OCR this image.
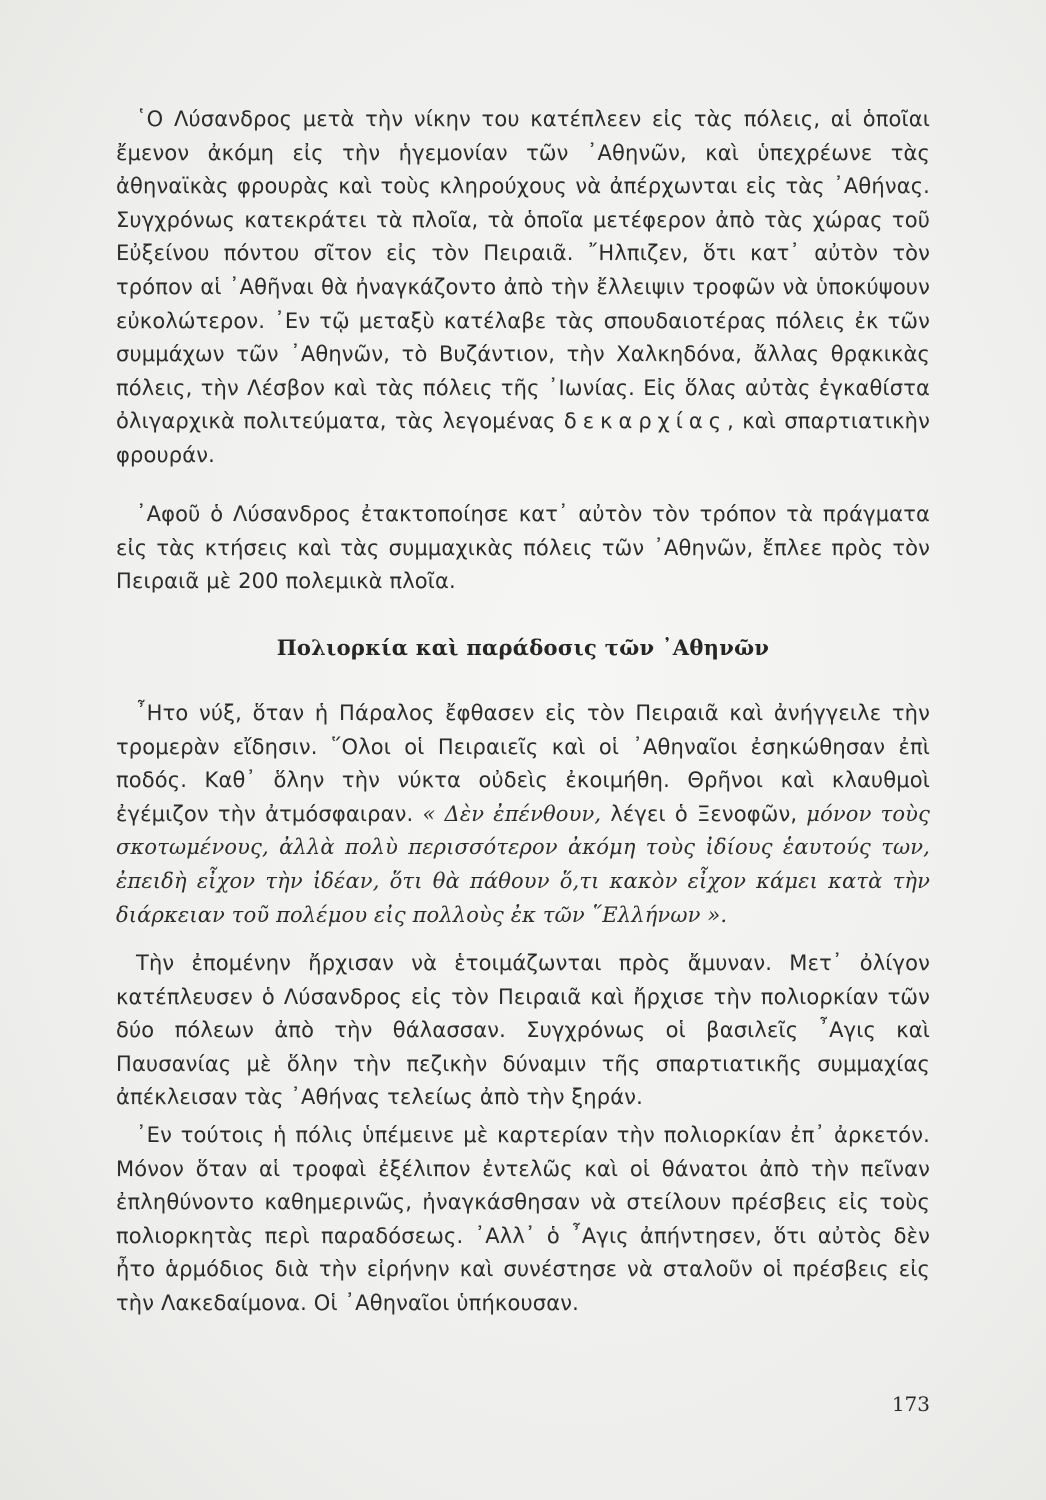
῾Ο Λύσανδρος μετὰ τὴν νίκην του κατέπλεεν εἰς τὰς πόλεις, αἱ ὁποῖαι ἔμενον ἀκόμη εἰς τὴν ἡγεμονίαν τῶν ᾿Αθηνῶν, καὶ ὑπεχρέωνε τὰς ἀθηναϊκὰς φρουρὰς καὶ τοὺς κληρούχους νὰ ἀπέρχωνται εἰς τὰς ᾿Αθήνας. Συγχρόνως κατεκράτει τὰ πλοῖα, τὰ ὁποῖα μετέφερον ἀπὸ τὰς χώρας τοῦ Εὐξείνου πόντου σῖτον εἰς τὸν Πειραιᾶ. ῎Ηλπιζεν, ὅτι κατ᾿ αὐτὸν τὸν τρόπον αἱ ᾿Αθῆναι θὰ ἠναγκάζοντο ἀπὸ τὴν ἔλλειψιν τροφῶν νὰ ὑποκύψουν εὐκολώτερον. ᾿Εν τῷ μεταξὺ κατέλαβε τὰς σπουδαιοτέρας πόλεις ἐκ τῶν συμμάχων τῶν ᾿Αθηνῶν, τὸ Βυζάντιον, τὴν Χαλκηδόνα, ἄλλας θρᾳκικὰς πόλεις, τὴν Λέσβον καὶ τὰς πόλεις τῆς ᾿Ιωνίας. Εἰς ὅλας αὐτὰς ἐγκαθίστα ὀλιγαρχικὰ πολιτεύματα, τὰς λεγομένας δεκαρχίας, καὶ σπαρτιατικὴν φρουράν.

᾿Αφοῦ ὁ Λύσανδρος ἐτακτοποίησε κατ᾿ αὐτὸν τὸν τρόπον τὰ πράγματα εἰς τὰς κτήσεις καὶ τὰς συμμαχικὰς πόλεις τῶν ᾿Αθηνῶν, ἔπλεε πρὸς τὸν Πειραιᾶ μὲ 200 πολεμικὰ πλοῖα.

Πολιορκία καὶ παράδοσις τῶν ᾿Αθηνῶν

῏Ητο νύξ, ὅταν ἡ Πάραλος ἔφθασεν εἰς τὸν Πειραιᾶ καὶ ἀνήγγειλε τὴν τρομερὰν εἴδησιν. ῞Ολοι οἱ Πειραιεῖς καὶ οἱ ᾿Αθηναῖοι ἐσηκώθησαν ἐπὶ ποδός. Καθ᾿ ὅλην τὴν νύκτα οὐδεὶς ἐκοιμήθη. Θρῆνοι καὶ κλαυθμοὶ ἐγέμιζον τὴν ἀτμόσφαιραν. « Δὲν ἐπένθουν, λέγει ὁ Ξενοφῶν, μόνον τοὺς σκοτωμένους, ἀλλὰ πολὺ περισσότερον ἀκόμη τοὺς ἰδίους ἑαυτούς των, ἐπειδὴ εἶχον τὴν ἰδέαν, ὅτι θὰ πάθουν ὅ,τι κακὸν εἶχον κάμει κατὰ τὴν διάρκειαν τοῦ πολέμου εἰς πολλοὺς ἐκ τῶν ῞Ελλήνων ».

Τὴν ἐπομένην ἤρχισαν νὰ ἑτοιμάζωνται πρὸς ἄμυναν. Μετ᾿ ὀλίγον κατέπλευσεν ὁ Λύσανδρος εἰς τὸν Πειραιᾶ καὶ ἤρχισε τὴν πολιορκίαν τῶν δύο πόλεων ἀπὸ τὴν θάλασσαν. Συγχρόνως οἱ βασιλεῖς ῏Αγις καὶ Παυσανίας μὲ ὅλην τὴν πεζικὴν δύναμιν τῆς σπαρτιατικῆς συμμαχίας ἀπέκλεισαν τὰς ᾿Αθήνας τελείως ἀπὸ τὴν ξηράν.

᾿Εν τούτοις ἡ πόλις ὑπέμεινε μὲ καρτερίαν τὴν πολιορκίαν ἐπ᾿ ἀρκετόν. Μόνον ὅταν αἱ τροφαὶ ἐξέλιπον ἐντελῶς καὶ οἱ θάνατοι ἀπὸ τὴν πεῖναν ἐπληθύνοντο καθημερινῶς, ἠναγκάσθησαν νὰ στείλουν πρέσβεις εἰς τοὺς πολιορκητὰς περὶ παραδόσεως. ᾿Αλλ᾿ ὁ ῏Αγις ἀπήντησεν, ὅτι αὐτὸς δὲν ἦτο ἁρμόδιος διὰ τὴν εἰρήνην καὶ συνέστησε νὰ σταλοῦν οἱ πρέσβεις εἰς τὴν Λακεδαίμονα. Οἱ ᾿Αθηναῖοι ὑπήκουσαν.

173
